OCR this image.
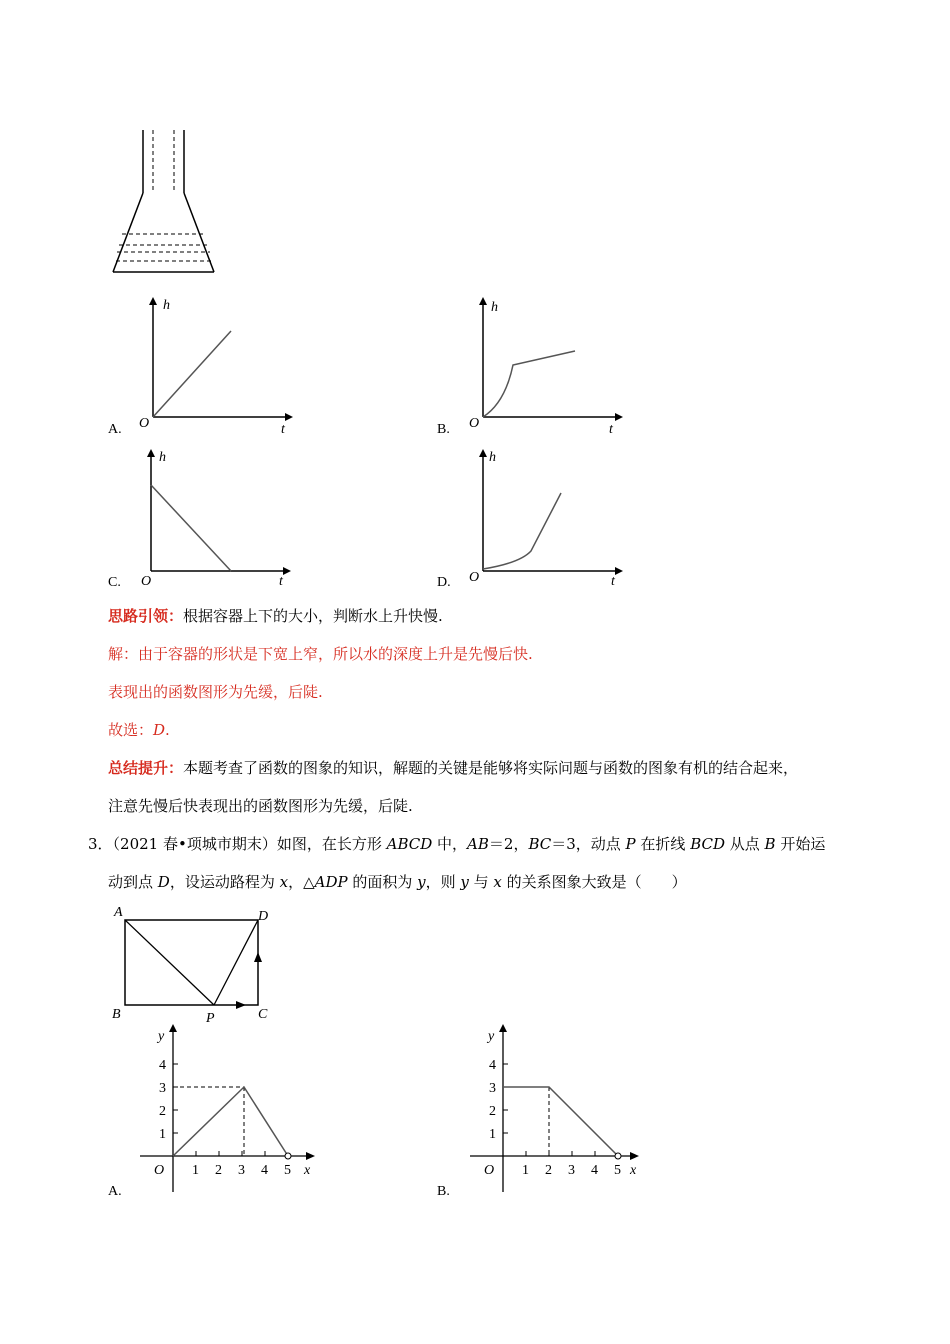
h
t
O
A.
h
t
O
B.
h
t
O
C.
h
t
O
D.
思路引领：根据容器上下的大小，判断水上升快慢.
解：由于容器的形状是下宽上窄，所以水的深度上升是先慢后快.
表现出的函数图形为先缓，后陡.
故选：D.
总结提升：本题考查了函数的图象的知识，解题的关键是能够将实际问题与函数的图象有机的结合起来，
注意先慢后快表现出的函数图形为先缓，后陡.
3．（2021 春•项城市期末）如图，在长方形 ABCD 中，AB＝2，BC＝3，动点 P 在折线 BCD 从点 B 开始运
动到点 D，设运动路程为 x，△ADP 的面积为 y，则 y 与 x 的关系图象大致是（　　）
A	D
B	P	C
4
3
2
1
1 2 3 4 5 x
y
O
A.
4
3
2
1
1 2 3 4 5 x
y
O
B.
